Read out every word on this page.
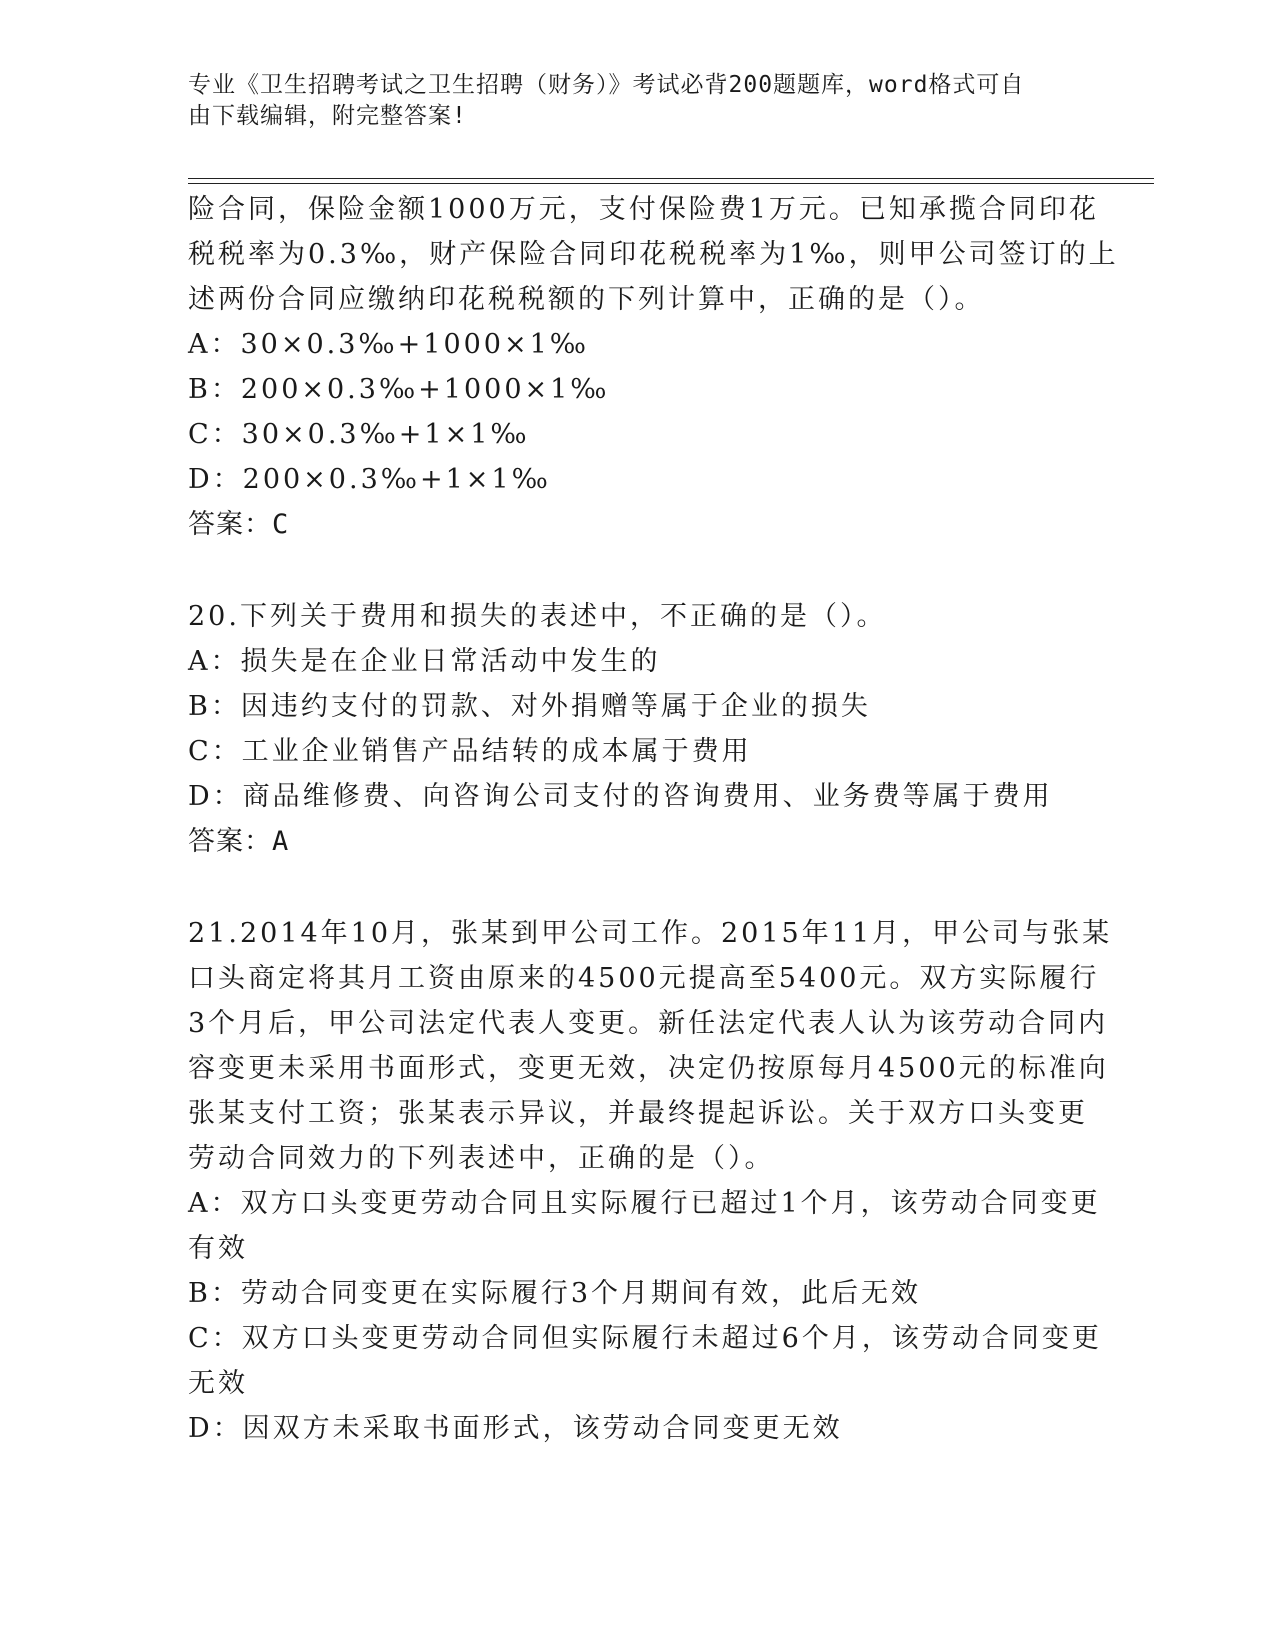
专业《卫生招聘考试之卫生招聘（财务）》考试必背200题题库，word格式可自
由下载编辑，附完整答案!

险合同，保险金额1000万元，支付保险费1万元。已知承揽合同印花

税税率为0.3‰，财产保险合同印花税税率为1‰，则甲公司签订的上

述两份合同应缴纳印花税税额的下列计算中，正确的是（）。

A：30×0.3‰+1000×1‰

B：200×0.3‰+1000×1‰

C：30×0.3‰+1×1‰

D：200×0.3‰+1×1‰

答案：C

20.下列关于费用和损失的表述中，不正确的是（）。

A：损失是在企业日常活动中发生的

B：因违约支付的罚款、对外捐赠等属于企业的损失

C：工业企业销售产品结转的成本属于费用

D：商品维修费、向咨询公司支付的咨询费用、业务费等属于费用

答案：A

21.2014年10月，张某到甲公司工作。2015年11月，甲公司与张某

口头商定将其月工资由原来的4500元提高至5400元。双方实际履行

3个月后，甲公司法定代表人变更。新任法定代表人认为该劳动合同内

容变更未采用书面形式，变更无效，决定仍按原每月4500元的标准向

张某支付工资；张某表示异议，并最终提起诉讼。关于双方口头变更

劳动合同效力的下列表述中，正确的是（）。

A：双方口头变更劳动合同且实际履行已超过1个月，该劳动合同变更

有效

B：劳动合同变更在实际履行3个月期间有效，此后无效

C：双方口头变更劳动合同但实际履行未超过6个月，该劳动合同变更

无效

D：因双方未采取书面形式，该劳动合同变更无效
